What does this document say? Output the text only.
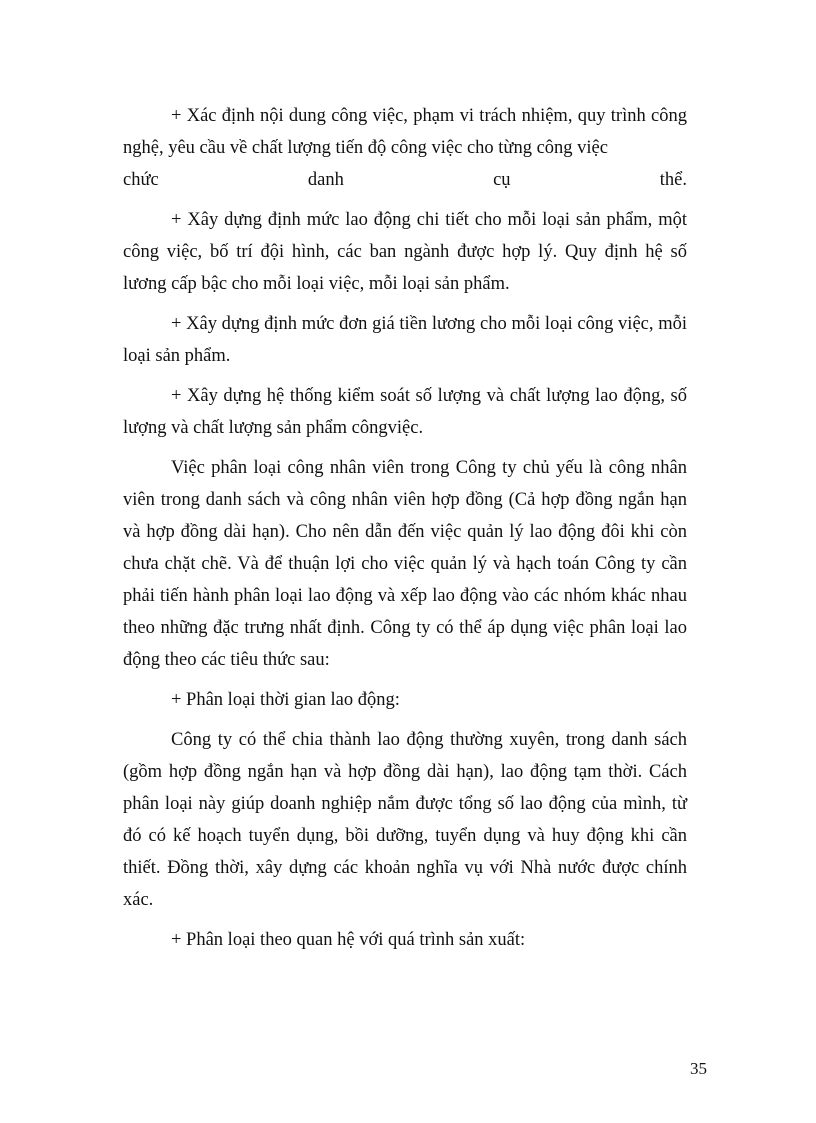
+ Xác định nội dung công việc, phạm vi trách nhiệm, quy trình công nghệ, yêu cầu về chất lượng tiến độ công việc cho từng công việc

chức danh cụ thể.

+ Xây dựng định mức lao động chi tiết cho mỗi loại sản phẩm, một công việc, bố trí đội hình, các ban ngành được hợp lý. Quy định hệ số lương cấp bậc cho mỗi loại việc, mỗi loại sản phẩm.

+ Xây dựng định mức đơn giá tiền lương cho mỗi loại công việc, mỗi loại sản phẩm.

+ Xây dựng hệ thống kiểm soát số lượng và chất lượng lao động, số lượng và chất lượng sản phẩm côngviệc.

Việc phân loại công nhân viên trong Công ty chủ yếu là công nhân viên trong danh sách và công nhân viên hợp đồng (Cả hợp đồng ngắn hạn và hợp đồng dài hạn). Cho nên dẫn đến việc quản lý lao động đôi khi còn chưa chặt chẽ. Và để thuận lợi cho việc quản lý và hạch toán Công ty cần phải tiến hành phân loại lao động và xếp lao động vào các nhóm khác nhau theo những đặc trưng nhất định. Công ty có thể áp dụng việc phân loại lao động theo các tiêu thức sau:

+ Phân loại thời gian lao động:

Công ty có thể chia thành lao động thường xuyên, trong danh sách (gồm hợp đồng ngắn hạn và hợp đồng dài hạn), lao động tạm thời. Cách phân loại này giúp doanh nghiệp nắm được tổng số lao động của mình, từ đó có kế hoạch tuyển dụng, bồi dưỡng, tuyển dụng và huy động khi cần thiết. Đồng thời, xây dựng các khoản nghĩa vụ với Nhà nước được chính xác.

+ Phân loại theo quan hệ với quá trình sản xuất:

35
